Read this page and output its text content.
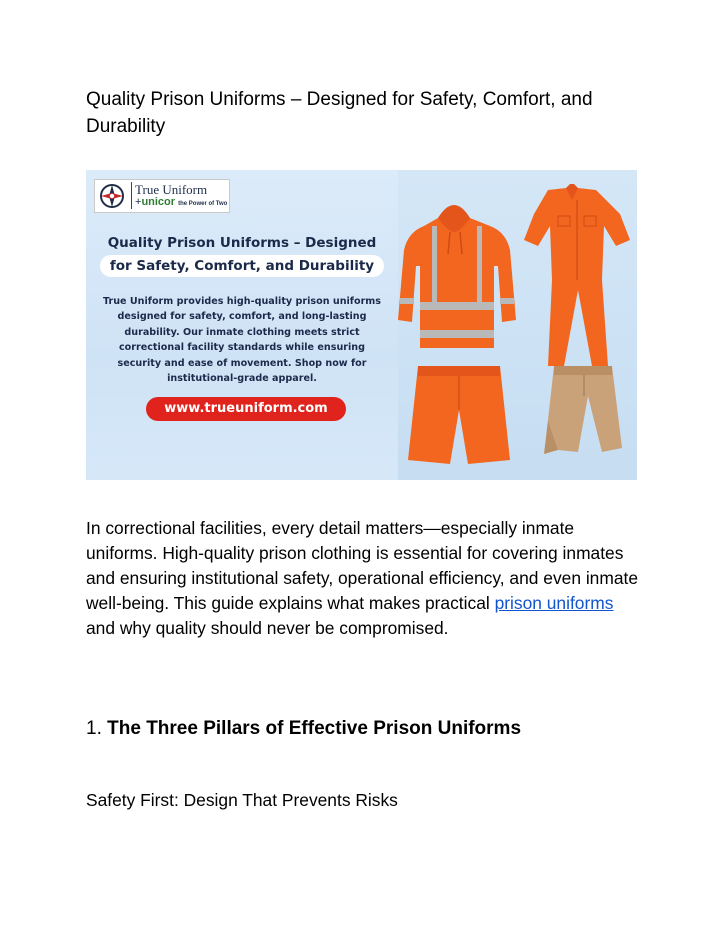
Quality Prison Uniforms – Designed for Safety, Comfort, and Durability
True Uniform
+unicor the Power of Two
Quality Prison Uniforms – Designed
for Safety, Comfort, and Durability

True Uniform provides high-quality prison uniforms designed for safety, comfort, and long-lasting durability. Our inmate clothing meets strict correctional facility standards while ensuring security and ease of movement. Shop now for institutional-grade apparel.

www.trueuniform.com

In correctional facilities, every detail matters—especially inmate uniforms. High-quality prison clothing is essential for covering inmates and ensuring institutional safety, operational efficiency, and even inmate well-being. This guide explains what makes practical prison uniforms and why quality should never be compromised.

1. The Three Pillars of Effective Prison Uniforms
Safety First: Design That Prevents Risks
